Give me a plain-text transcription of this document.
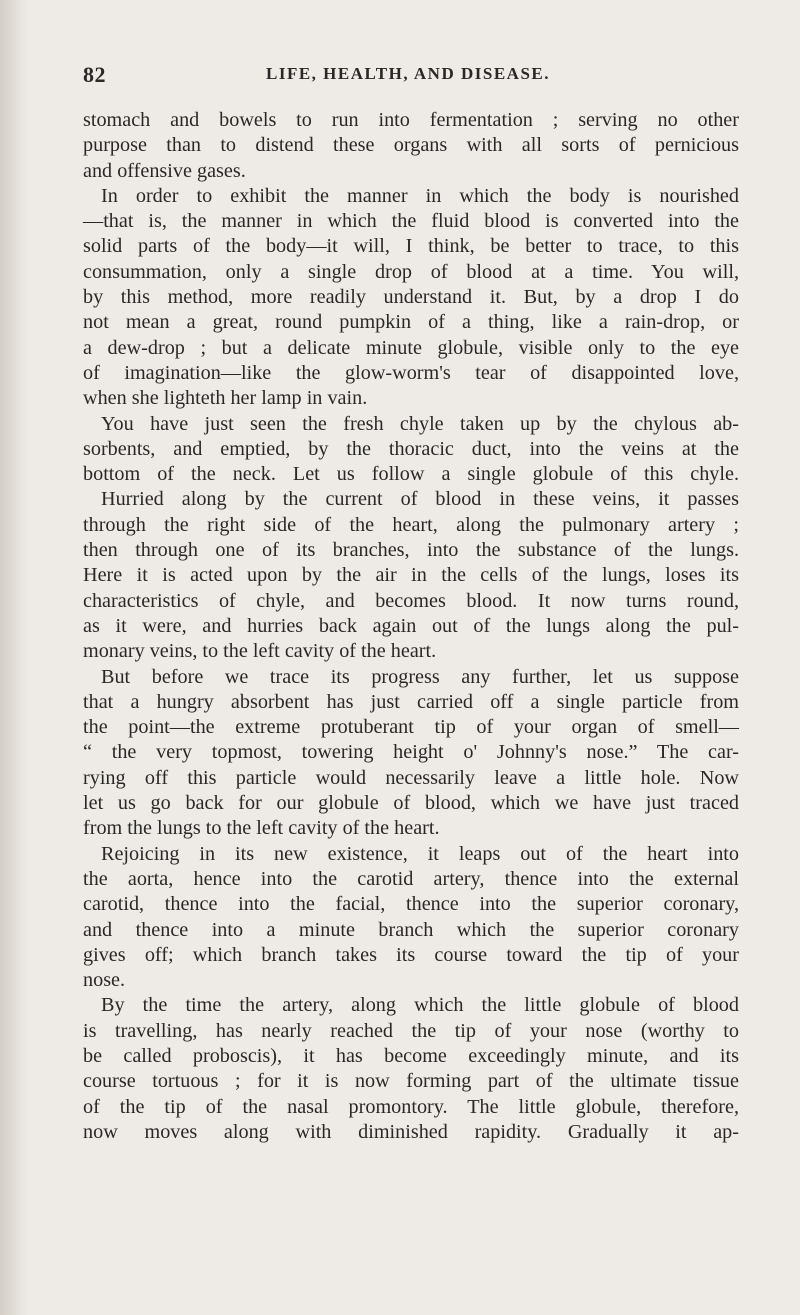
82	LIFE, HEALTH, AND DISEASE.
stomach and bowels to run into fermentation ; serving no other
purpose than to distend these organs with all sorts of pernicious
and offensive gases.
In order to exhibit the manner in which the body is nourished
—that is, the manner in which the fluid blood is converted into the
solid parts of the body—it will, I think, be better to trace, to this
consummation, only a single drop of blood at a time. You will,
by this method, more readily understand it. But, by a drop I do
not mean a great, round pumpkin of a thing, like a rain-drop, or
a dew-drop ; but a delicate minute globule, visible only to the eye
of imagination—like the glow-worm's tear of disappointed love,
when she lighteth her lamp in vain.
You have just seen the fresh chyle taken up by the chylous ab-
sorbents, and emptied, by the thoracic duct, into the veins at the
bottom of the neck. Let us follow a single globule of this chyle.
Hurried along by the current of blood in these veins, it passes
through the right side of the heart, along the pulmonary artery ;
then through one of its branches, into the substance of the lungs.
Here it is acted upon by the air in the cells of the lungs, loses its
characteristics of chyle, and becomes blood. It now turns round,
as it were, and hurries back again out of the lungs along the pul-
monary veins, to the left cavity of the heart.
But before we trace its progress any further, let us suppose
that a hungry absorbent has just carried off a single particle from
the point—the extreme protuberant tip of your organ of smell—
“ the very topmost, towering height o' Johnny's nose.” The car-
rying off this particle would necessarily leave a little hole. Now
let us go back for our globule of blood, which we have just traced
from the lungs to the left cavity of the heart.
Rejoicing in its new existence, it leaps out of the heart into
the aorta, hence into the carotid artery, thence into the external
carotid, thence into the facial, thence into the superior coronary,
and thence into a minute branch which the superior coronary
gives off; which branch takes its course toward the tip of your
nose.
By the time the artery, along which the little globule of blood
is travelling, has nearly reached the tip of your nose (worthy to
be called proboscis), it has become exceedingly minute, and its
course tortuous ; for it is now forming part of the ultimate tissue
of the tip of the nasal promontory. The little globule, therefore,
now moves along with diminished rapidity. Gradually it ap-
